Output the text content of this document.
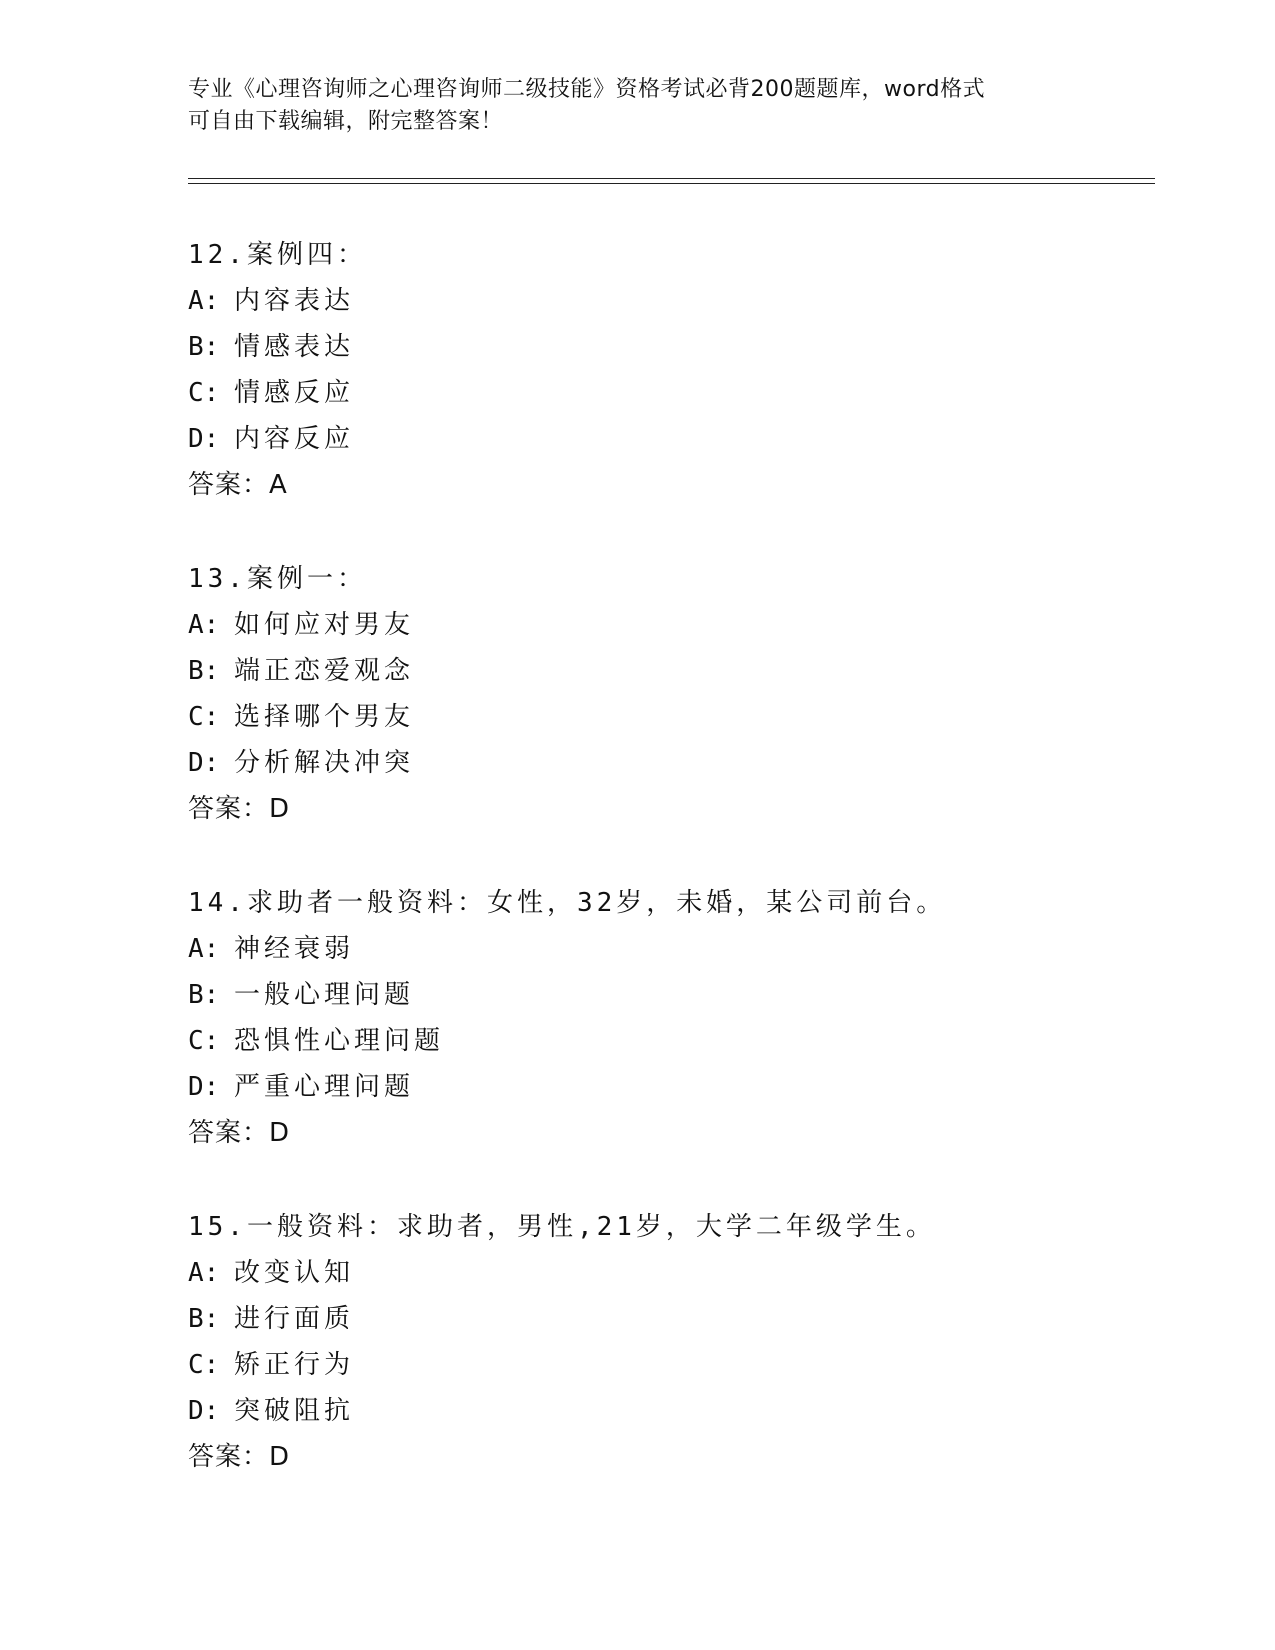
专业《心理咨询师之心理咨询师二级技能》资格考试必背200题题库，word格式
可自由下载编辑，附完整答案！
12.案例四：
A: 内容表达
B: 情感表达
C: 情感反应
D: 内容反应
答案：A
13.案例一：
A: 如何应对男友
B: 端正恋爱观念
C: 选择哪个男友
D: 分析解决冲突
答案：D
14.求助者一般资料：女性，32岁，未婚，某公司前台。
A: 神经衰弱
B: 一般心理问题
C: 恐惧性心理问题
D: 严重心理问题
答案：D
15.一般资料：求助者，男性,21岁，大学二年级学生。
A: 改变认知
B: 进行面质
C: 矫正行为
D: 突破阻抗
答案：D
